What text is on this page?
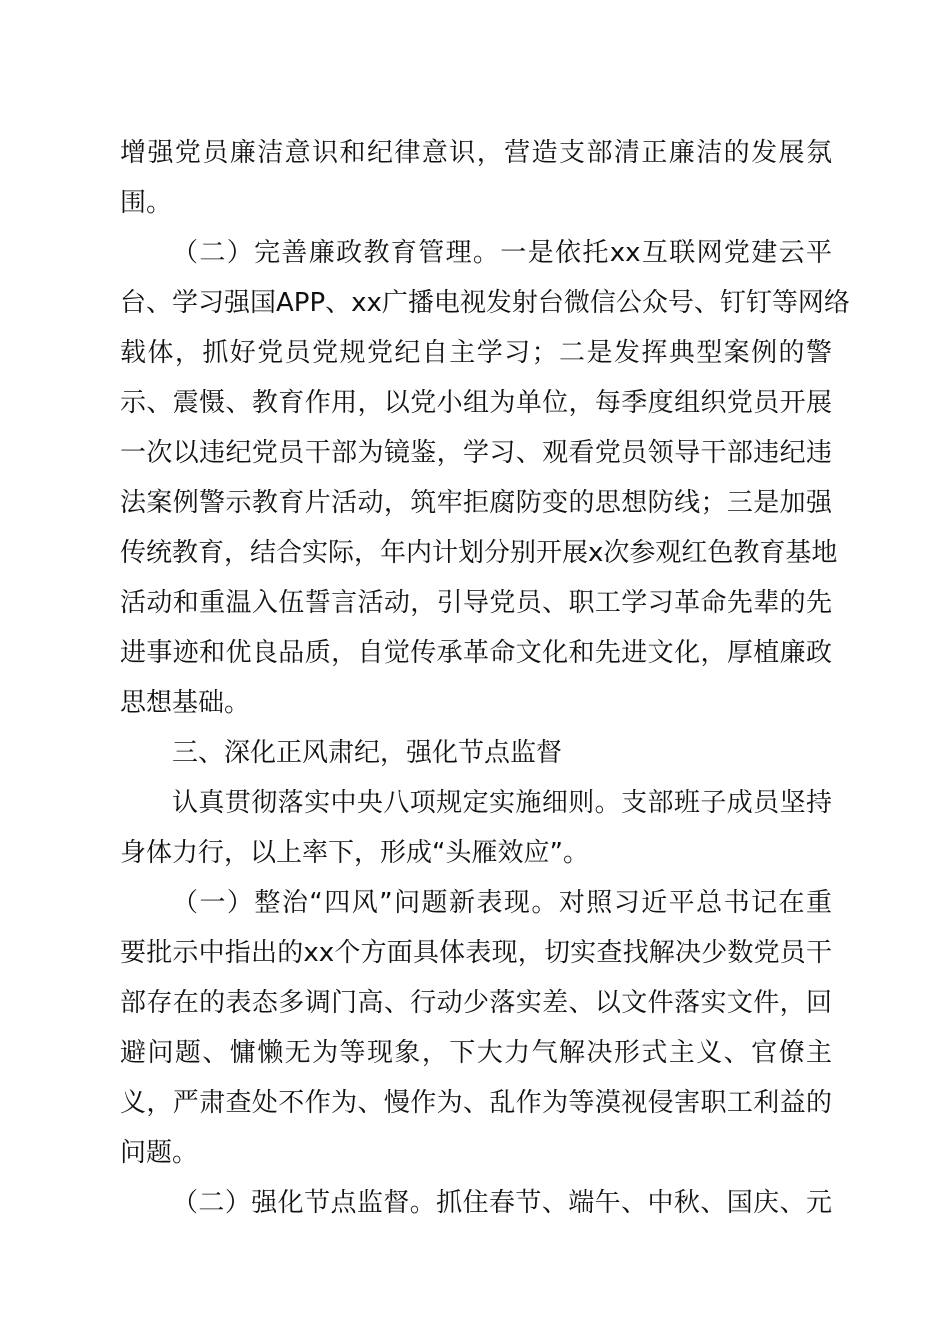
增强党员廉洁意识和纪律意识，营造支部清正廉洁的发展氛
围。
（二）完善廉政教育管理。一是依托xx互联网党建云平
台、学习强国APP、xx广播电视发射台微信公众号、钉钉等网络
载体，抓好党员党规党纪自主学习；二是发挥典型案例的警
示、震慑、教育作用，以党小组为单位，每季度组织党员开展
一次以违纪党员干部为镜鉴，学习、观看党员领导干部违纪违
法案例警示教育片活动，筑牢拒腐防变的思想防线；三是加强
传统教育，结合实际，年内计划分别开展x次参观红色教育基地
活动和重温入伍誓言活动，引导党员、职工学习革命先辈的先
进事迹和优良品质，自觉传承革命文化和先进文化，厚植廉政
思想基础。
三、深化正风肃纪，强化节点监督
认真贯彻落实中央八项规定实施细则。支部班子成员坚持
身体力行，以上率下，形成“头雁效应”。
（一）整治“四风”问题新表现。对照习近平总书记在重
要批示中指出的xx个方面具体表现，切实查找解决少数党员干
部存在的表态多调门高、行动少落实差、以文件落实文件，回
避问题、慵懒无为等现象，下大力气解决形式主义、官僚主
义，严肃查处不作为、慢作为、乱作为等漠视侵害职工利益的
问题。
（二）强化节点监督。抓住春节、端午、中秋、国庆、元
